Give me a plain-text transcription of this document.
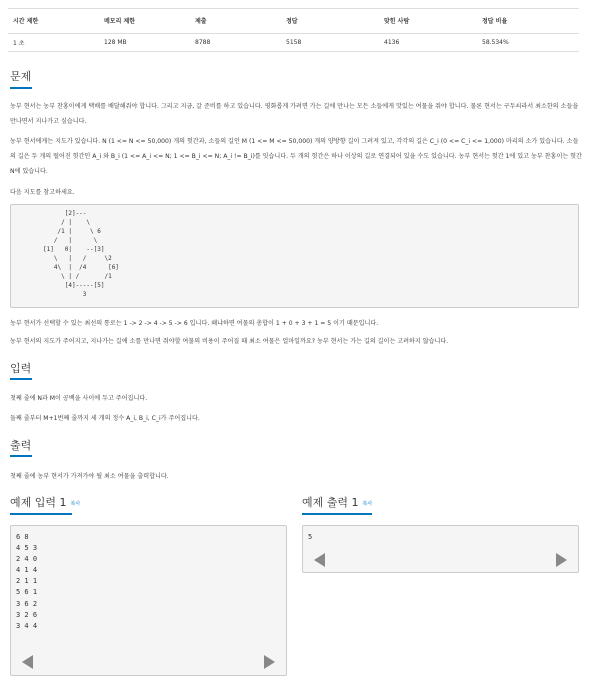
시간 제한	메모리 제한	제출	정답	맞힌 사람	정답 비율
1 초	128 MB	8788	5158	4136	58.534%
문제
농부 현서는 농부 찬홍이에게 택배를 배달해줘야 합니다. 그리고 지금, 갈 준비를 하고 있습니다. 평화롭게 가려면 가는 길에 만나는 모든 소들에게 맛있는 여물을 줘야 합니다. 물론 현서는 구두쇠라서 최소한의 소들을 만나면서 지나가고 싶습니다.
농부 현서에게는 지도가 있습니다. N (1 <= N <= 50,000) 개의 헛간과, 소들의 길인 M (1 <= M <= 50,000) 개의 양방향 길이 그려져 있고, 각각의 길은 C_i (0 <= C_i <= 1,000) 마리의 소가 있습니다. 소들의 길은 두 개의 떨어진 헛간인 A_i 와 B_i (1 <= A_i <= N; 1 <= B_i <= N; A_i != B_i)를 잇습니다. 두 개의 헛간은 하나 이상의 길로 연결되어 있을 수도 있습니다. 농부 현서는 헛간 1에 있고 농부 찬홍이는 헛간 N에 있습니다.
다음 지도를 참고하세요.
[2]---
/ |    \
/1 |     \ 6
/   |      \
[1]   0|    --[3]
\   |   /     \2
4\  |  /4      [6]
\ | /       /1
[4]-----[5]
3
농부 현서가 선택할 수 있는 최선의 통로는 1 -> 2 -> 4 -> 5 -> 6 입니다. 왜냐하면 여물의 총합이 1 + 0 + 3 + 1 = 5 이기 때문입니다.
농부 현서의 지도가 주어지고, 지나가는 길에 소를 만나면 줘야할 여물의 비용이 주어질 때 최소 여물은 얼마일까요? 농부 현서는 가는 길의 길이는 고려하지 않습니다.
입력
첫째 줄에 N과 M이 공백을 사이에 두고 주어집니다.
둘째 줄부터 M+1번째 줄까지 세 개의 정수 A_i, B_i, C_i가 주어집니다.
출력
첫째 줄에 농부 현서가 가져가야 될 최소 여물을 출력합니다.
예제 입력 1 복사	예제 출력 1 복사
6 8
4 5 3
2 4 0
4 1 4
2 1 1
5 6 1
3 6 2
3 2 6
3 4 4
5
